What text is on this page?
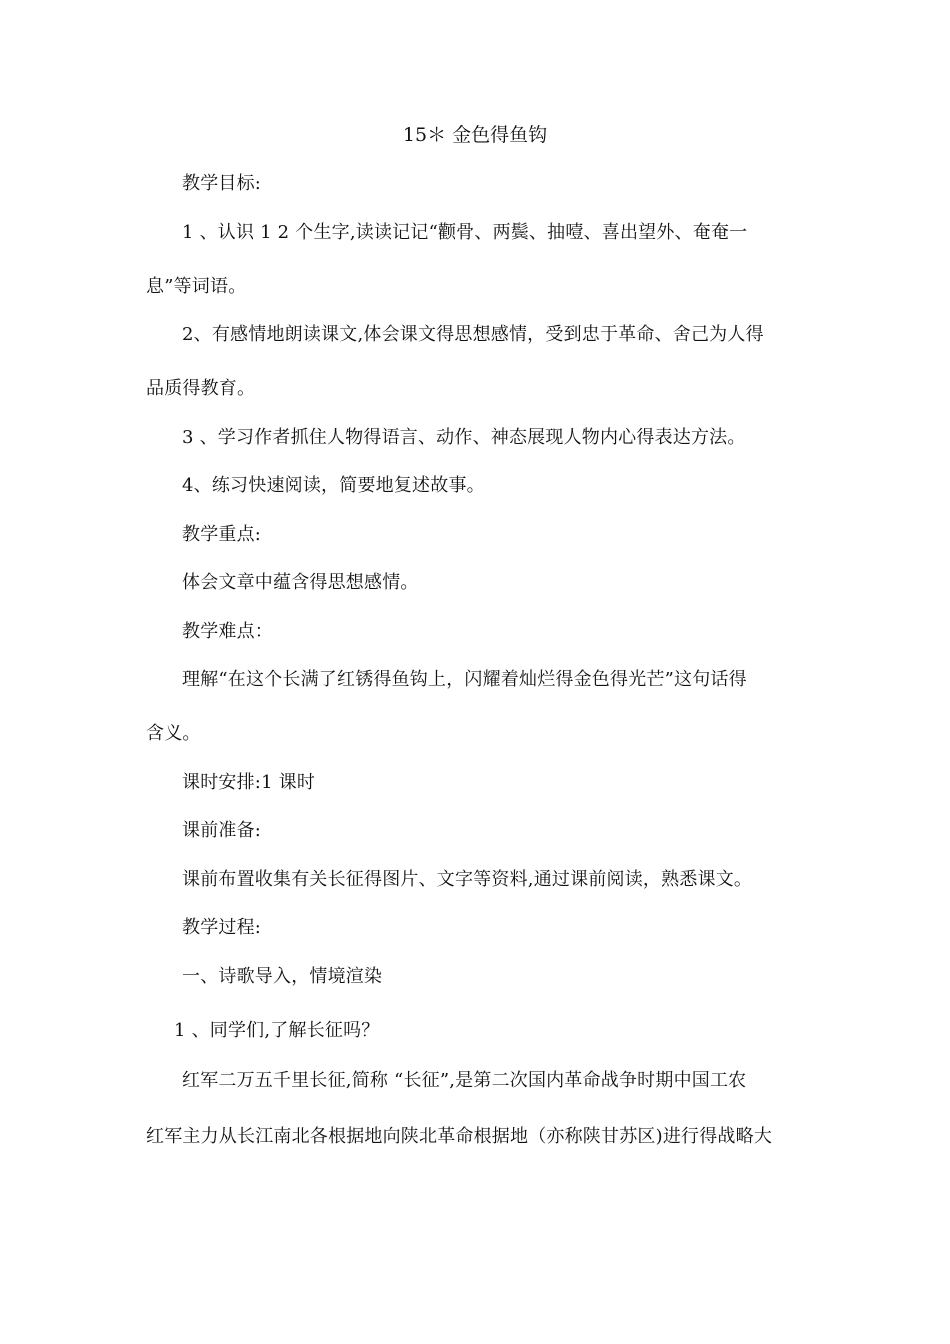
15＊ 金色得鱼钩
教学目标:
1 、认识 1 2 个生字,读读记记“颧骨、两鬓、抽噎、喜出望外、奄奄一
息”等词语。
2、有感情地朗读课文,体会课文得思想感情，受到忠于革命、舍己为人得
品质得教育。
3 、学习作者抓住人物得语言、动作、神态展现人物内心得表达方法。
4、练习快速阅读，简要地复述故事。
教学重点:
体会文章中蕴含得思想感情。
教学难点：
理解“在这个长满了红锈得鱼钩上，闪耀着灿烂得金色得光芒”这句话得
含义。
课时安排:1 课时
课前准备:
课前布置收集有关长征得图片、文字等资料,通过课前阅读，熟悉课文。
教学过程:
一、诗歌导入，情境渲染
1 、同学们,了解长征吗？
红军二万五千里长征,简称 “长征”,是第二次国内革命战争时期中国工农
红军主力从长江南北各根据地向陕北革命根据地（亦称陕甘苏区)进行得战略大
